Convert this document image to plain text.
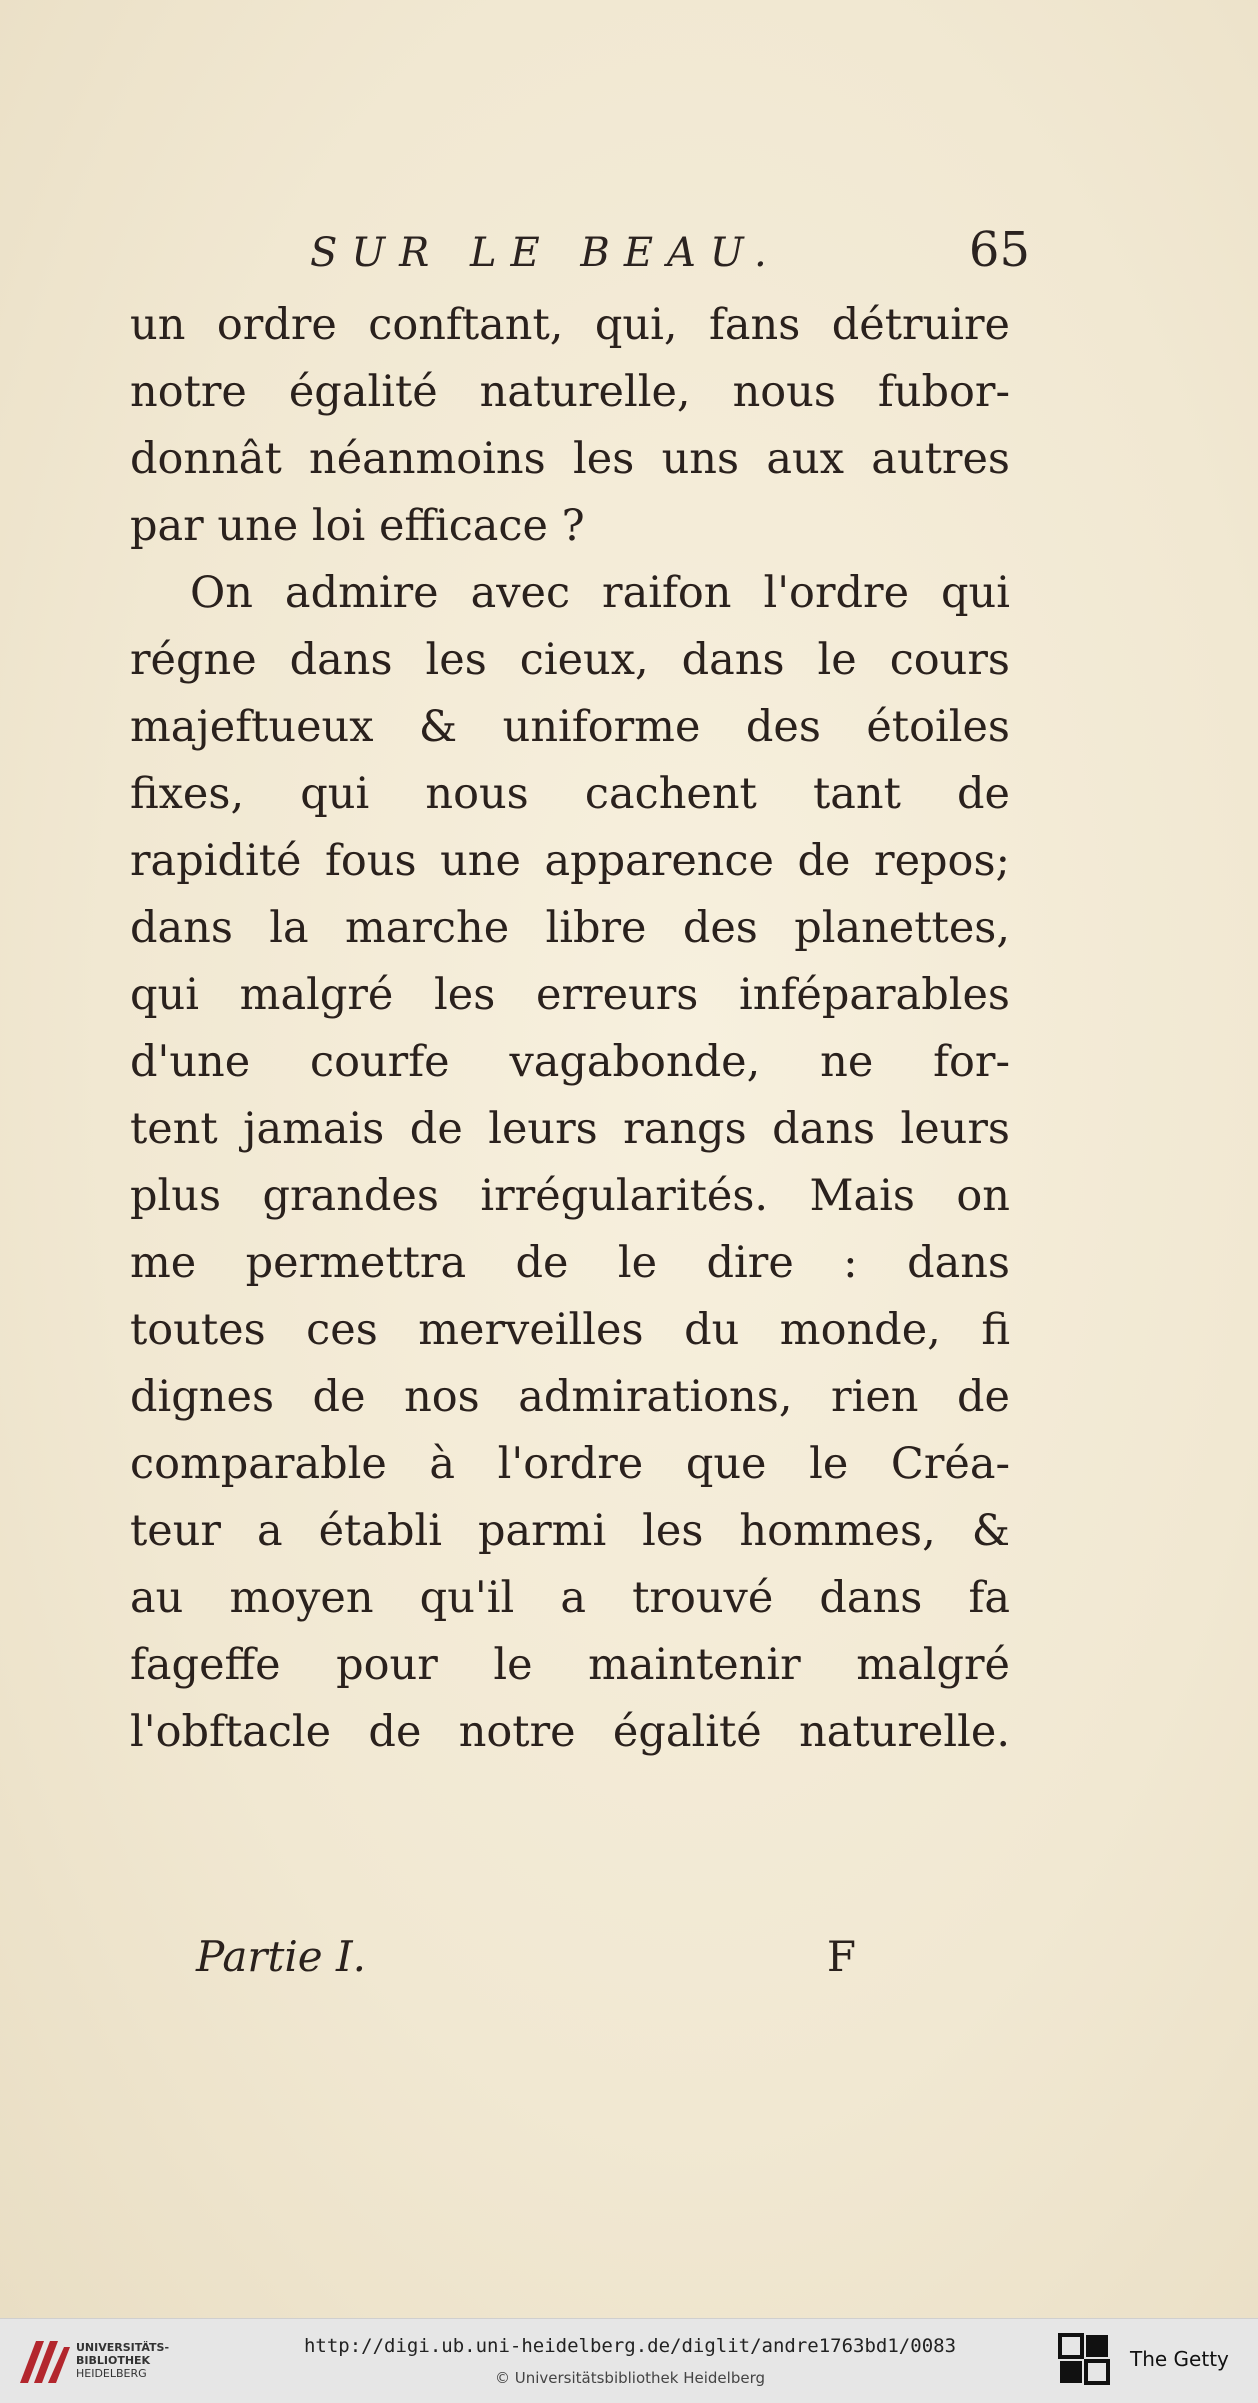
SUR LE BEAU.	65
un ordre conftant, qui, fans détruire
notre égalité naturelle, nous fubor-
donnât néanmoins les uns aux autres
par une loi efficace ?
On admire avec raifon l'ordre qui
régne dans les cieux, dans le cours
majeftueux & uniforme des étoiles
fixes, qui nous cachent tant de
rapidité fous une apparence de repos;
dans la marche libre des planettes,
qui malgré les erreurs inféparables
d'une courfe vagabonde, ne for-
tent jamais de leurs rangs dans leurs
plus grandes irrégularités. Mais on
me permettra de le dire : dans
toutes ces merveilles du monde, fi
dignes de nos admirations, rien de
comparable à l'ordre que le Créa-
teur a établi parmi les hommes, &
au moyen qu'il a trouvé dans fa
fageffe pour le maintenir malgré
l'obftacle de notre égalité naturelle.
Partie I.	F
UNIVERSITÄTS-
BIBLIOTHEK
HEIDELBERG
http://digi.ub.uni-heidelberg.de/diglit/andre1763bd1/0083
© Universitätsbibliothek Heidelberg
The Getty
